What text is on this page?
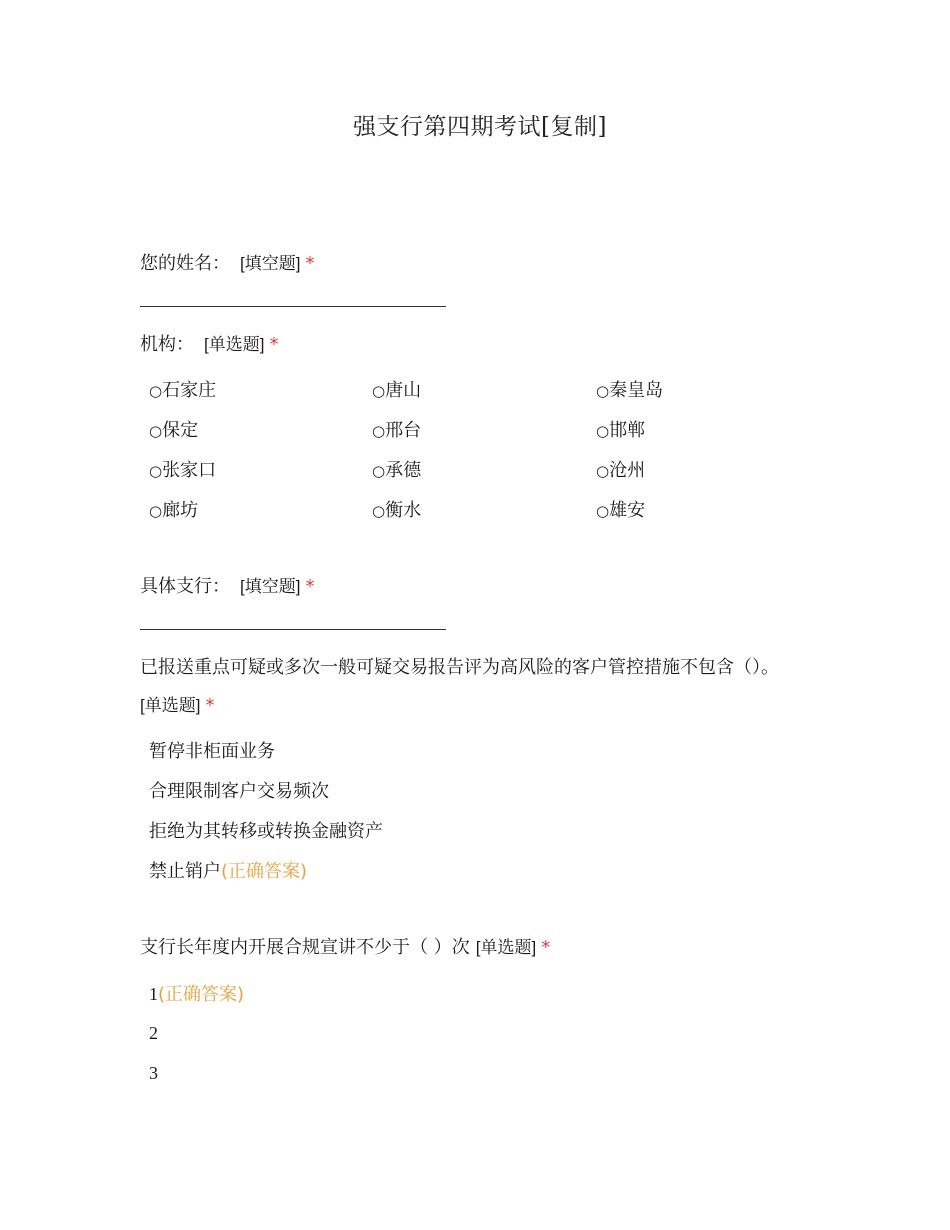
强支行第四期考试[复制]
您的姓名： [填空题] *
机构： [单选题] *
○石家庄	○唐山	○秦皇岛
○保定	○邢台	○邯郸
○张家口	○承德	○沧州
○廊坊	○衡水	○雄安
具体支行： [填空题] *
已报送重点可疑或多次一般可疑交易报告评为高风险的客户管控措施不包含（）。
[单选题] *
暂停非柜面业务
合理限制客户交易频次
拒绝为其转移或转换金融资产
禁止销户(正确答案)
支行长年度内开展合规宣讲不少于（ ）次 [单选题] *
1(正确答案)
2
3
